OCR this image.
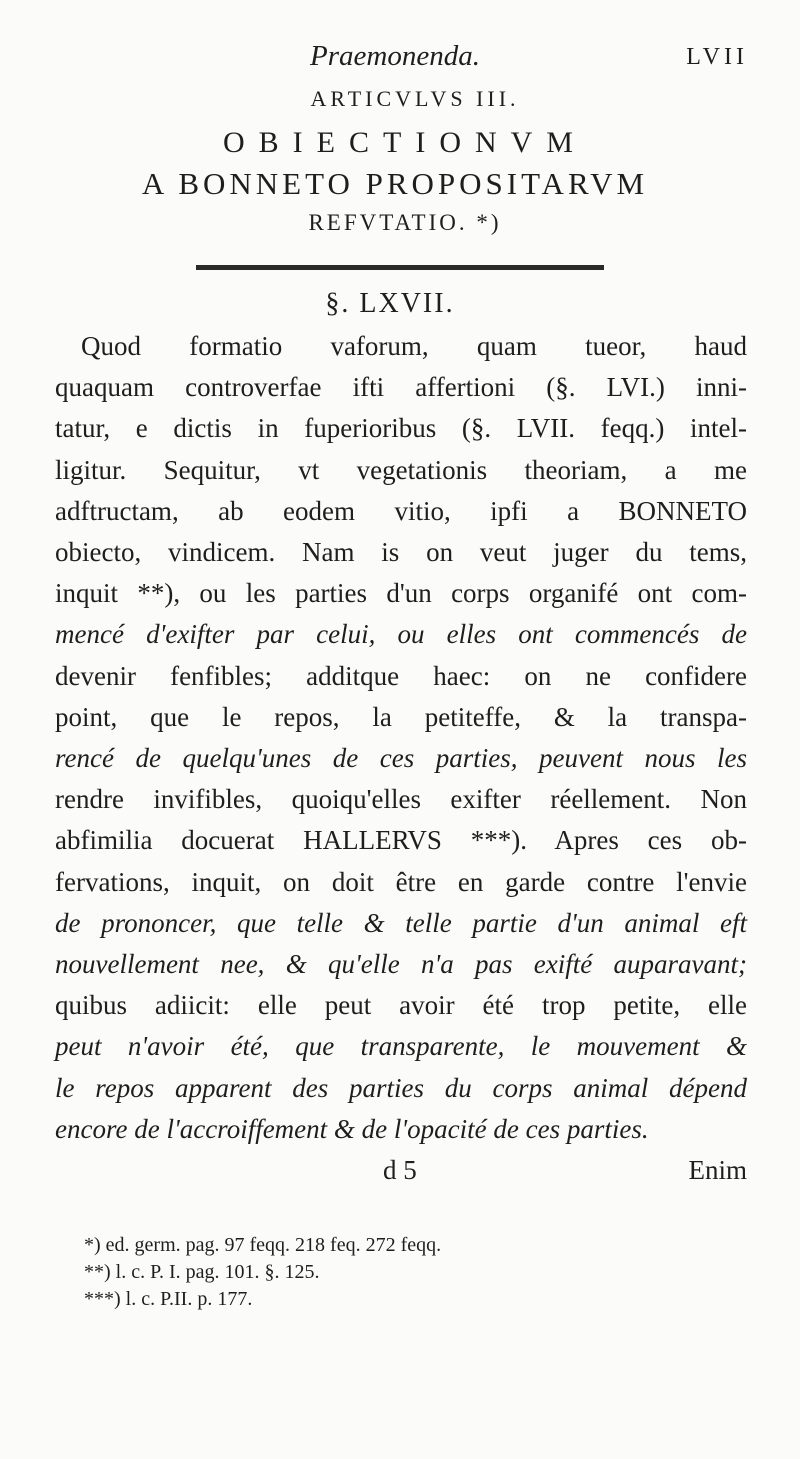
Praemonenda.	LVII
ARTICVLVS III.
OBIECTIONVM
A BONNETO PROPOSITARVM
REFVTATIO. *)
§. LXVII.
Quod formatio vaforum, quam tueor, haud
quaquam controverfae ifti affertioni (§. LVI.) inni-
tatur, e dictis in fuperioribus (§. LVII. feqq.) intel-
ligitur. Sequitur, vt vegetationis theoriam, a me
adftructam, ab eodem vitio, ipfi a BONNETO
obiecto, vindicem. Nam is on veut juger du tems,
inquit **), ou les parties d'un corps organifé ont com-
mencé d'exifter par celui, ou elles ont commencés de
devenir fenfibles; additque haec: on ne confidere
point, que le repos, la petiteffe, & la transpa-
rencé de quelqu'unes de ces parties, peuvent nous les
rendre invifibles, quoiqu'elles exifter réellement. Non
abfimilia docuerat HALLERVS ***). Apres ces ob-
fervations, inquit, on doit être en garde contre l'envie
de prononcer, que telle & telle partie d'un animal eft
nouvellement nee, & qu'elle n'a pas exifté auparavant;
quibus adiicit: elle peut avoir été trop petite, elle
peut n'avoir été, que transparente, le mouvement &
le repos apparent des parties du corps animal dépend
encore de l'accroiffement & de l'opacité de ces parties.
d 5	Enim
*) ed. germ. pag. 97 feqq. 218 feq. 272 feqq.
**) l. c. P. I. pag. 101. §. 125.
***) l. c. P.II. p. 177.
